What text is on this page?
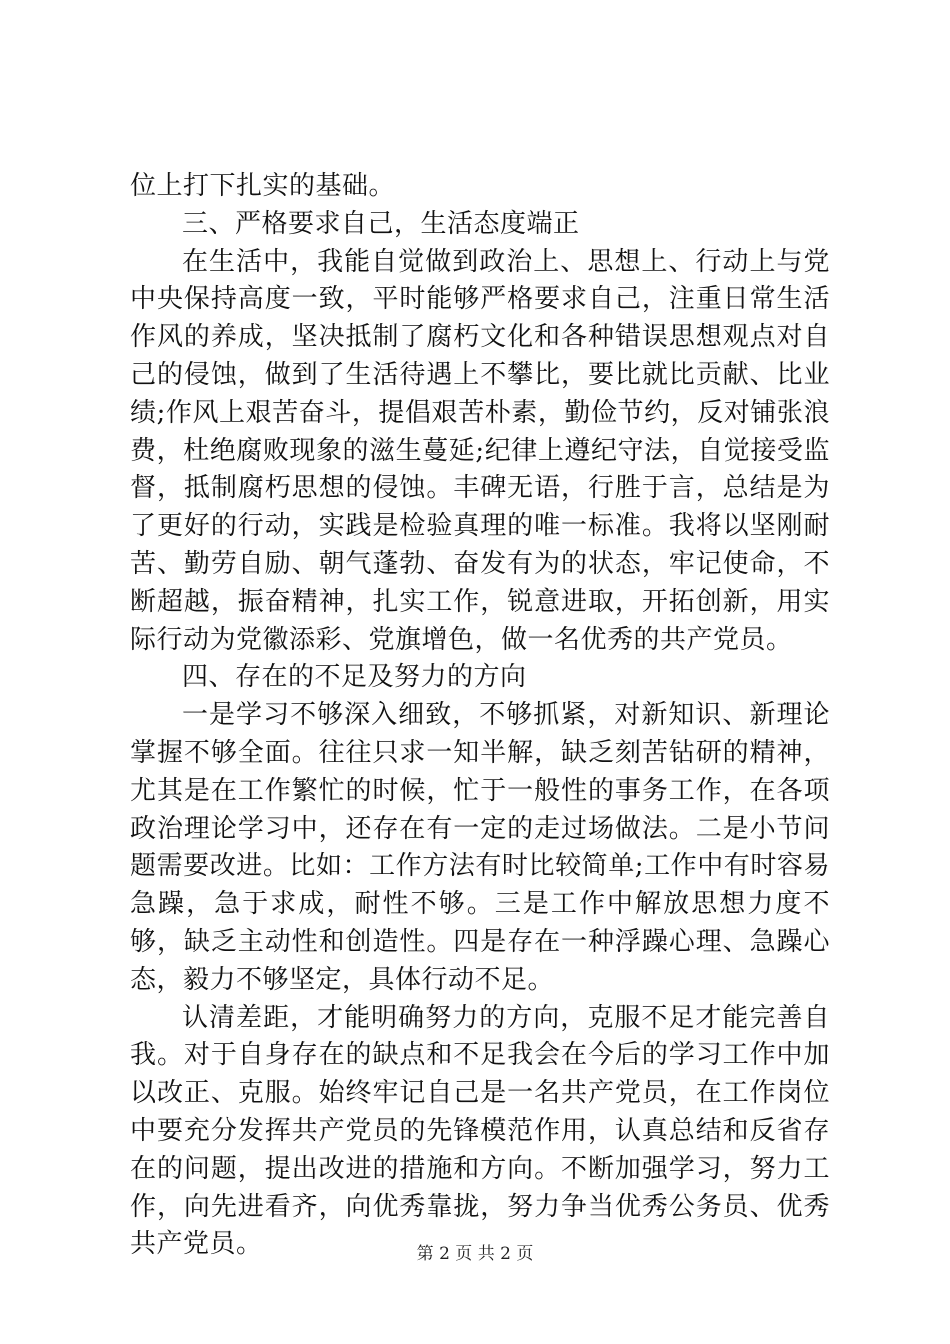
位上打下扎实的基础。

三、严格要求自己，生活态度端正

在生活中，我能自觉做到政治上、思想上、行动上与党中央保持高度一致，平时能够严格要求自己，注重日常生活作风的养成，坚决抵制了腐朽文化和各种错误思想观点对自己的侵蚀，做到了生活待遇上不攀比，要比就比贡献、比业绩;作风上艰苦奋斗，提倡艰苦朴素，勤俭节约，反对铺张浪费，杜绝腐败现象的滋生蔓延;纪律上遵纪守法，自觉接受监督，抵制腐朽思想的侵蚀。丰碑无语，行胜于言，总结是为了更好的行动，实践是检验真理的唯一标准。我将以坚刚耐苦、勤劳自励、朝气蓬勃、奋发有为的状态，牢记使命，不断超越，振奋精神，扎实工作，锐意进取，开拓创新，用实际行动为党徽添彩、党旗增色，做一名优秀的共产党员。

四、存在的不足及努力的方向

一是学习不够深入细致，不够抓紧，对新知识、新理论掌握不够全面。往往只求一知半解，缺乏刻苦钻研的精神，尤其是在工作繁忙的时候，忙于一般性的事务工作，在各项政治理论学习中，还存在有一定的走过场做法。二是小节问题需要改进。比如：工作方法有时比较简单;工作中有时容易急躁，急于求成，耐性不够。三是工作中解放思想力度不够，缺乏主动性和创造性。四是存在一种浮躁心理、急躁心态，毅力不够坚定，具体行动不足。

认清差距，才能明确努力的方向，克服不足才能完善自我。对于自身存在的缺点和不足我会在今后的学习工作中加以改正、克服。始终牢记自己是一名共产党员，在工作岗位中要充分发挥共产党员的先锋模范作用，认真总结和反省存在的问题，提出改进的措施和方向。不断加强学习，努力工作，向先进看齐，向优秀靠拢，努力争当优秀公务员、优秀共产党员。	第 2 页 共 2 页
